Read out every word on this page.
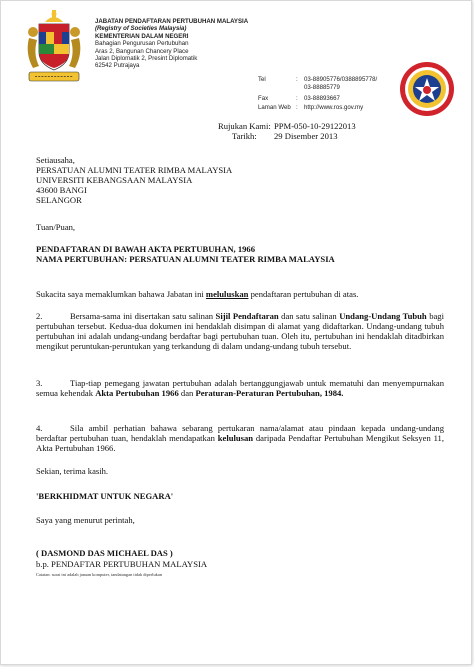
JABATAN PENDAFTARAN PERTUBUHAN MALAYSIA
(Registry of Societies Malaysia)
KEMENTERIAN DALAM NEGERI
Bahagian Pengurusan Pertubuhan
Aras 2, Bangunan Chancery Place
Jalan Diplomatik 2, Presint Diplomatik
62542 Putrajaya
Tel	:	03-88905776/0388895778/
03-88885779
Fax	:	03-88893667
Laman Web :	http://www.ros.gov.my
Rujukan Kami: PPM-050-10-29122013
Tarikh:	29 Disember 2013
Setiausaha,
PERSATUAN ALUMNI TEATER RIMBA MALAYSIA
UNIVERSITI KEBANGSAAN MALAYSIA
43600 BANGI
SELANGOR
Tuan/Puan,
PENDAFTARAN DI BAWAH AKTA PERTUBUHAN, 1966
NAMA PERTUBUHAN: PERSATUAN ALUMNI TEATER RIMBA MALAYSIA
Sukacita saya memaklumkan bahawa Jabatan ini meluluskan pendaftaran pertubuhan di atas.
2.	Bersama-sama ini disertakan satu salinan Sijil Pendaftaran dan satu salinan Undang-Undang Tubuh bagi pertubuhan tersebut. Kedua-dua dokumen ini hendaklah disimpan di alamat yang didaftarkan. Undang-undang tubuh pertubuhan ini adalah undang-undang berdaftar bagi pertubuhan tuan. Oleh itu, pertubuhan ini hendaklah ditadbirkan mengikut peruntukan-peruntukan yang terkandung di dalam undang-undang tubuh tersebut.
3.	Tiap-tiap pemegang jawatan pertubuhan adalah bertanggungjawab untuk mematuhi dan menyempurnakan semua kehendak Akta Pertubuhan 1966 dan Peraturan-Peraturan Pertubuhan, 1984.
4.	Sila ambil perhatian bahawa sebarang pertukaran nama/alamat atau pindaan kepada undang-undang berdaftar pertubuhan tuan, hendaklah mendapatkan kelulusan daripada Pendaftar Pertubuhan Mengikut Seksyen 11, Akta Pertubuhan 1966.
Sekian, terima kasih.
'BERKHIDMAT UNTUK NEGARA'
Saya yang menurut perintah,
( DASMOND DAS MICHAEL DAS )
b.p. PENDAFTAR PERTUBUHAN MALAYSIA
Catatan: surat ini adalah janaan komputer, tandatangan tidak diperlukan
